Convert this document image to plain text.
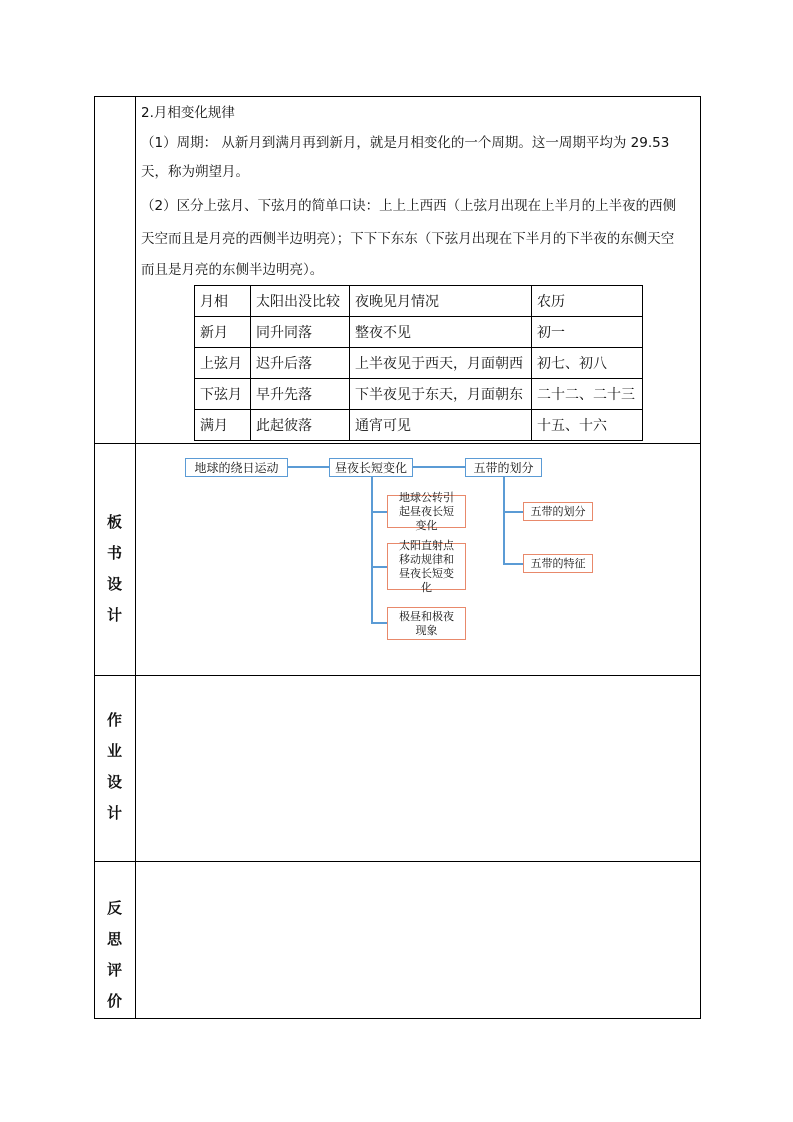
2.月相变化规律
（1）周期： 从新月到满月再到新月，就是月相变化的一个周期。这一周期平均为 29.53
天，称为朔望月。
（2）区分上弦月、下弦月的简单口诀：上上上西西（上弦月出现在上半月的上半夜的西侧
天空而且是月亮的西侧半边明亮）；下下下东东（下弦月出现在下半月的下半夜的东侧天空
而且是月亮的东侧半边明亮）。
月相	太阳出没比较	夜晚见月情况	农历
新月	同升同落	整夜不见	初一
上弦月	迟升后落	上半夜见于西天，月面朝西	初七、初八
下弦月	早升先落	下半夜见于东天，月面朝东	二十二、二十三
满月	此起彼落	通宵可见	十五、十六
板
书
设
计
作
业
设
计
反
思
评
价
地球的绕日运动	昼夜长短变化	五带的划分
地球公转引起昼夜长短变化
太阳直射点移动规律和昼夜长短变化
极昼和极夜现象
五带的划分
五带的特征
